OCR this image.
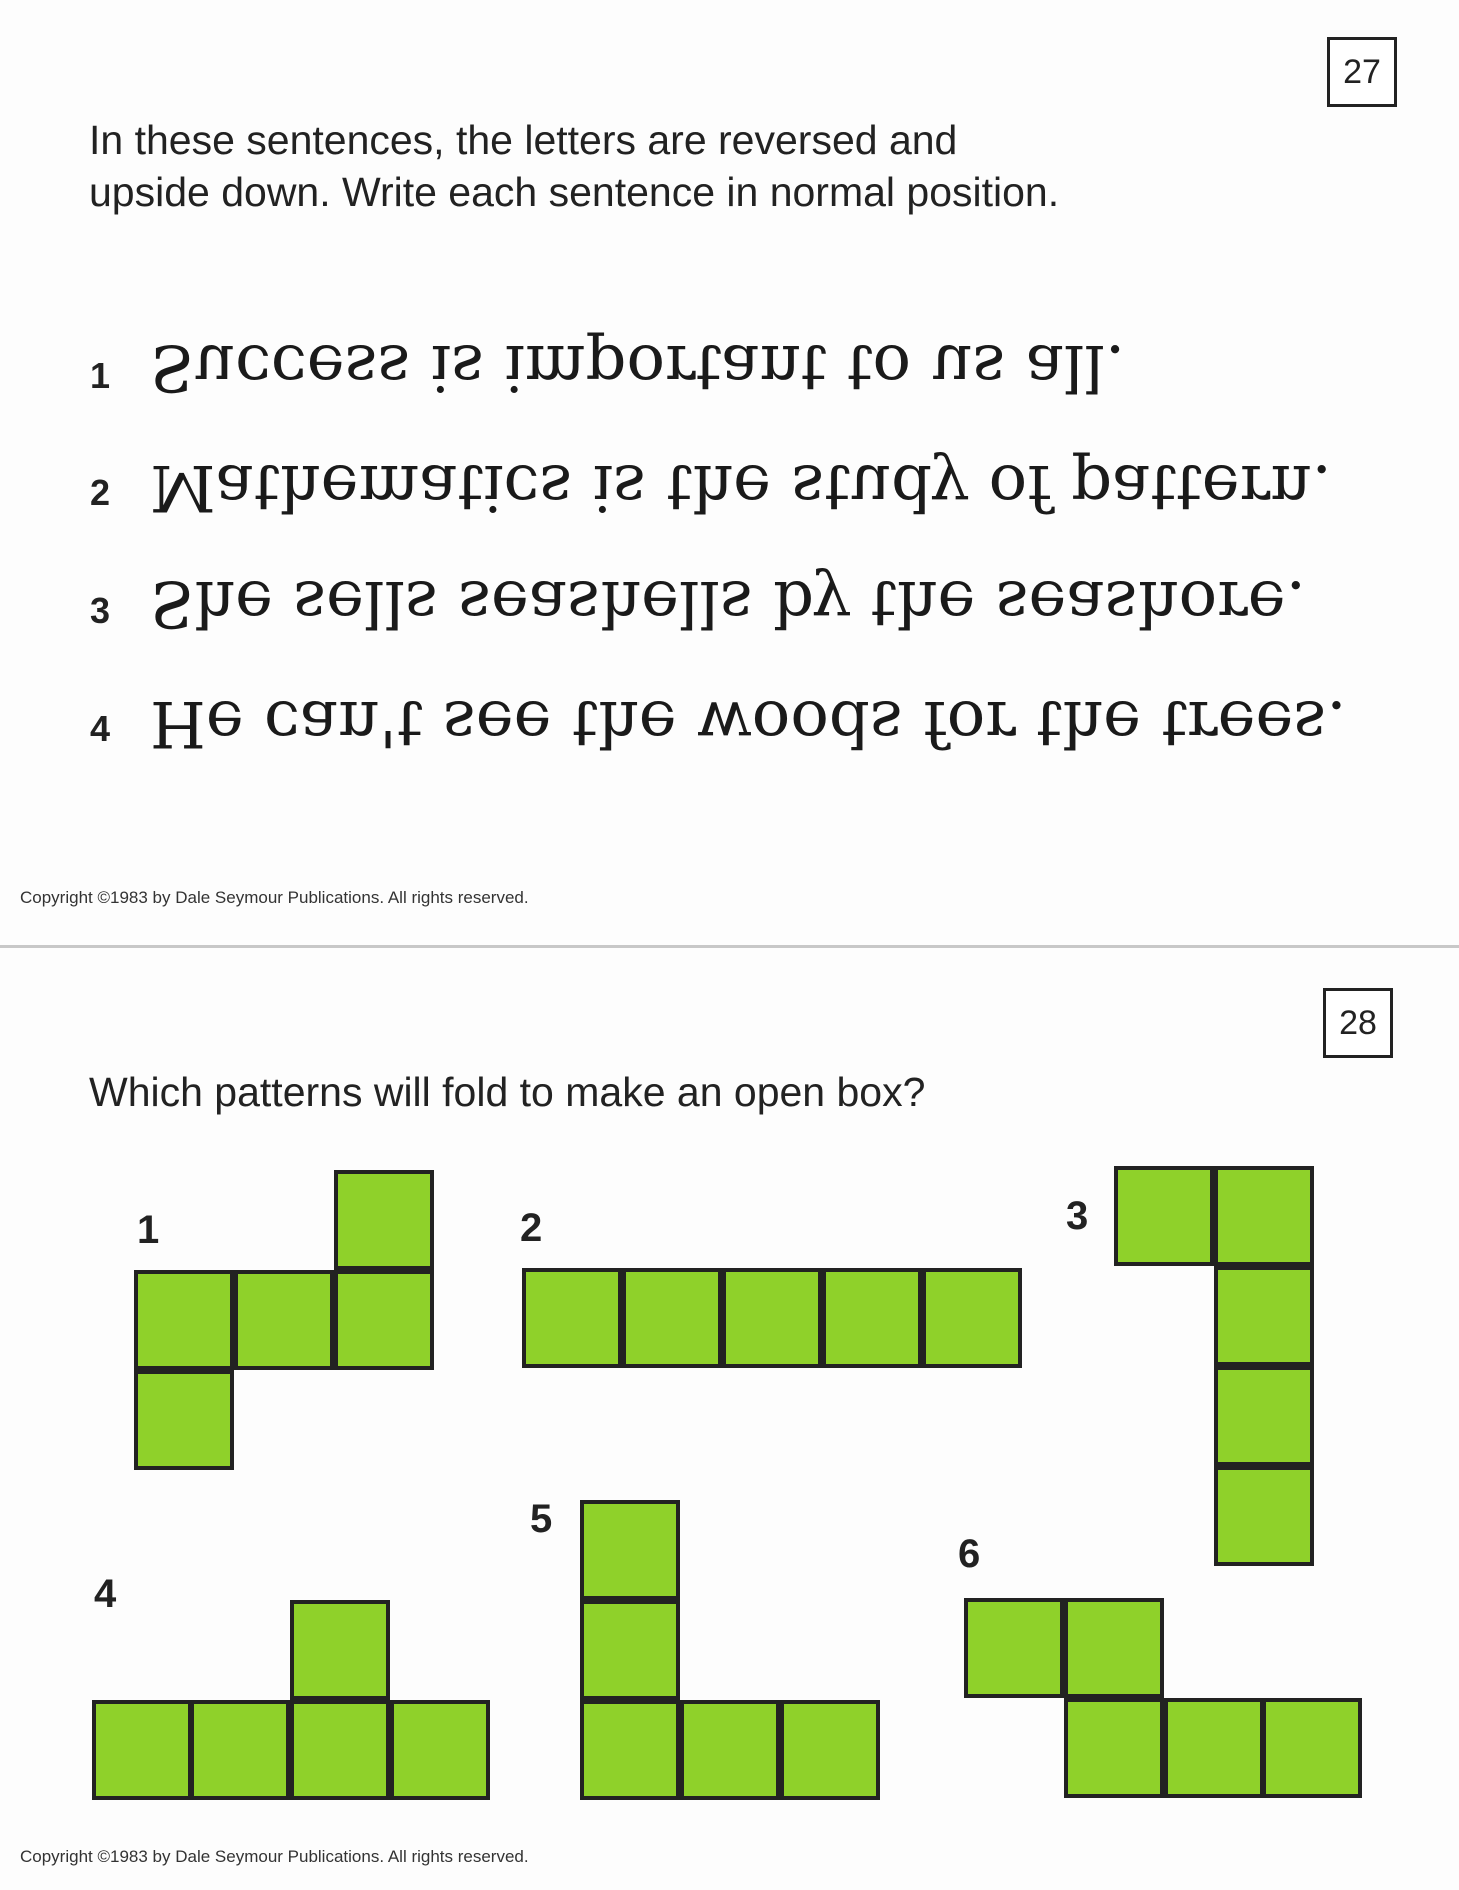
27

In these sentences, the letters are reversed and upside down. Write each sentence in normal position.

1 Success is important to us all.
2 Mathematics is the study of pattern.
3 She sells seashells by the seashore.
4 He can't see the woods for the trees.
Copyright ©1983 by Dale Seymour Publications. All rights reserved.
28

Which patterns will fold to make an open box?

1	2	3
4
5
6
Copyright ©1983 by Dale Seymour Publications. All rights reserved.
